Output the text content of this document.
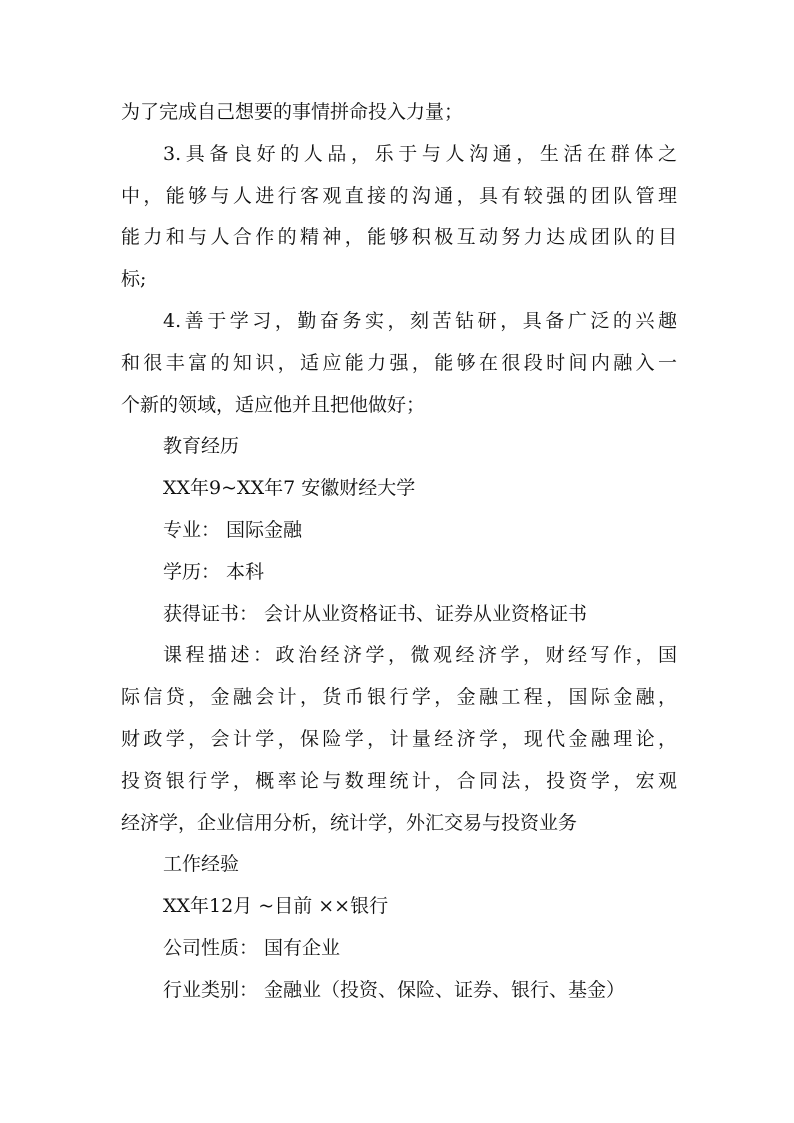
为了完成自己想要的事情拼命投入力量；
3.具备良好的人品，乐于与人沟通，生活在群体之
中，能够与人进行客观直接的沟通，具有较强的团队管理
能力和与人合作的精神，能够积极互动努力达成团队的目
标;
4.善于学习，勤奋务实，刻苦钻研，具备广泛的兴趣
和很丰富的知识，适应能力强，能够在很段时间内融入一
个新的领域，适应他并且把他做好；
教育经历
XX年9~XX年7 安徽财经大学
专业： 国际金融
学历： 本科
获得证书： 会计从业资格证书、证券从业资格证书
课程描述：政治经济学，微观经济学，财经写作，国
际信贷，金融会计，货币银行学，金融工程，国际金融，
财政学，会计学，保险学，计量经济学，现代金融理论，
投资银行学，概率论与数理统计，合同法，投资学，宏观
经济学，企业信用分析，统计学，外汇交易与投资业务
工作经验
XX年12月 ~目前 ××银行
公司性质： 国有企业
行业类别： 金融业（投资、保险、证券、银行、基金）
